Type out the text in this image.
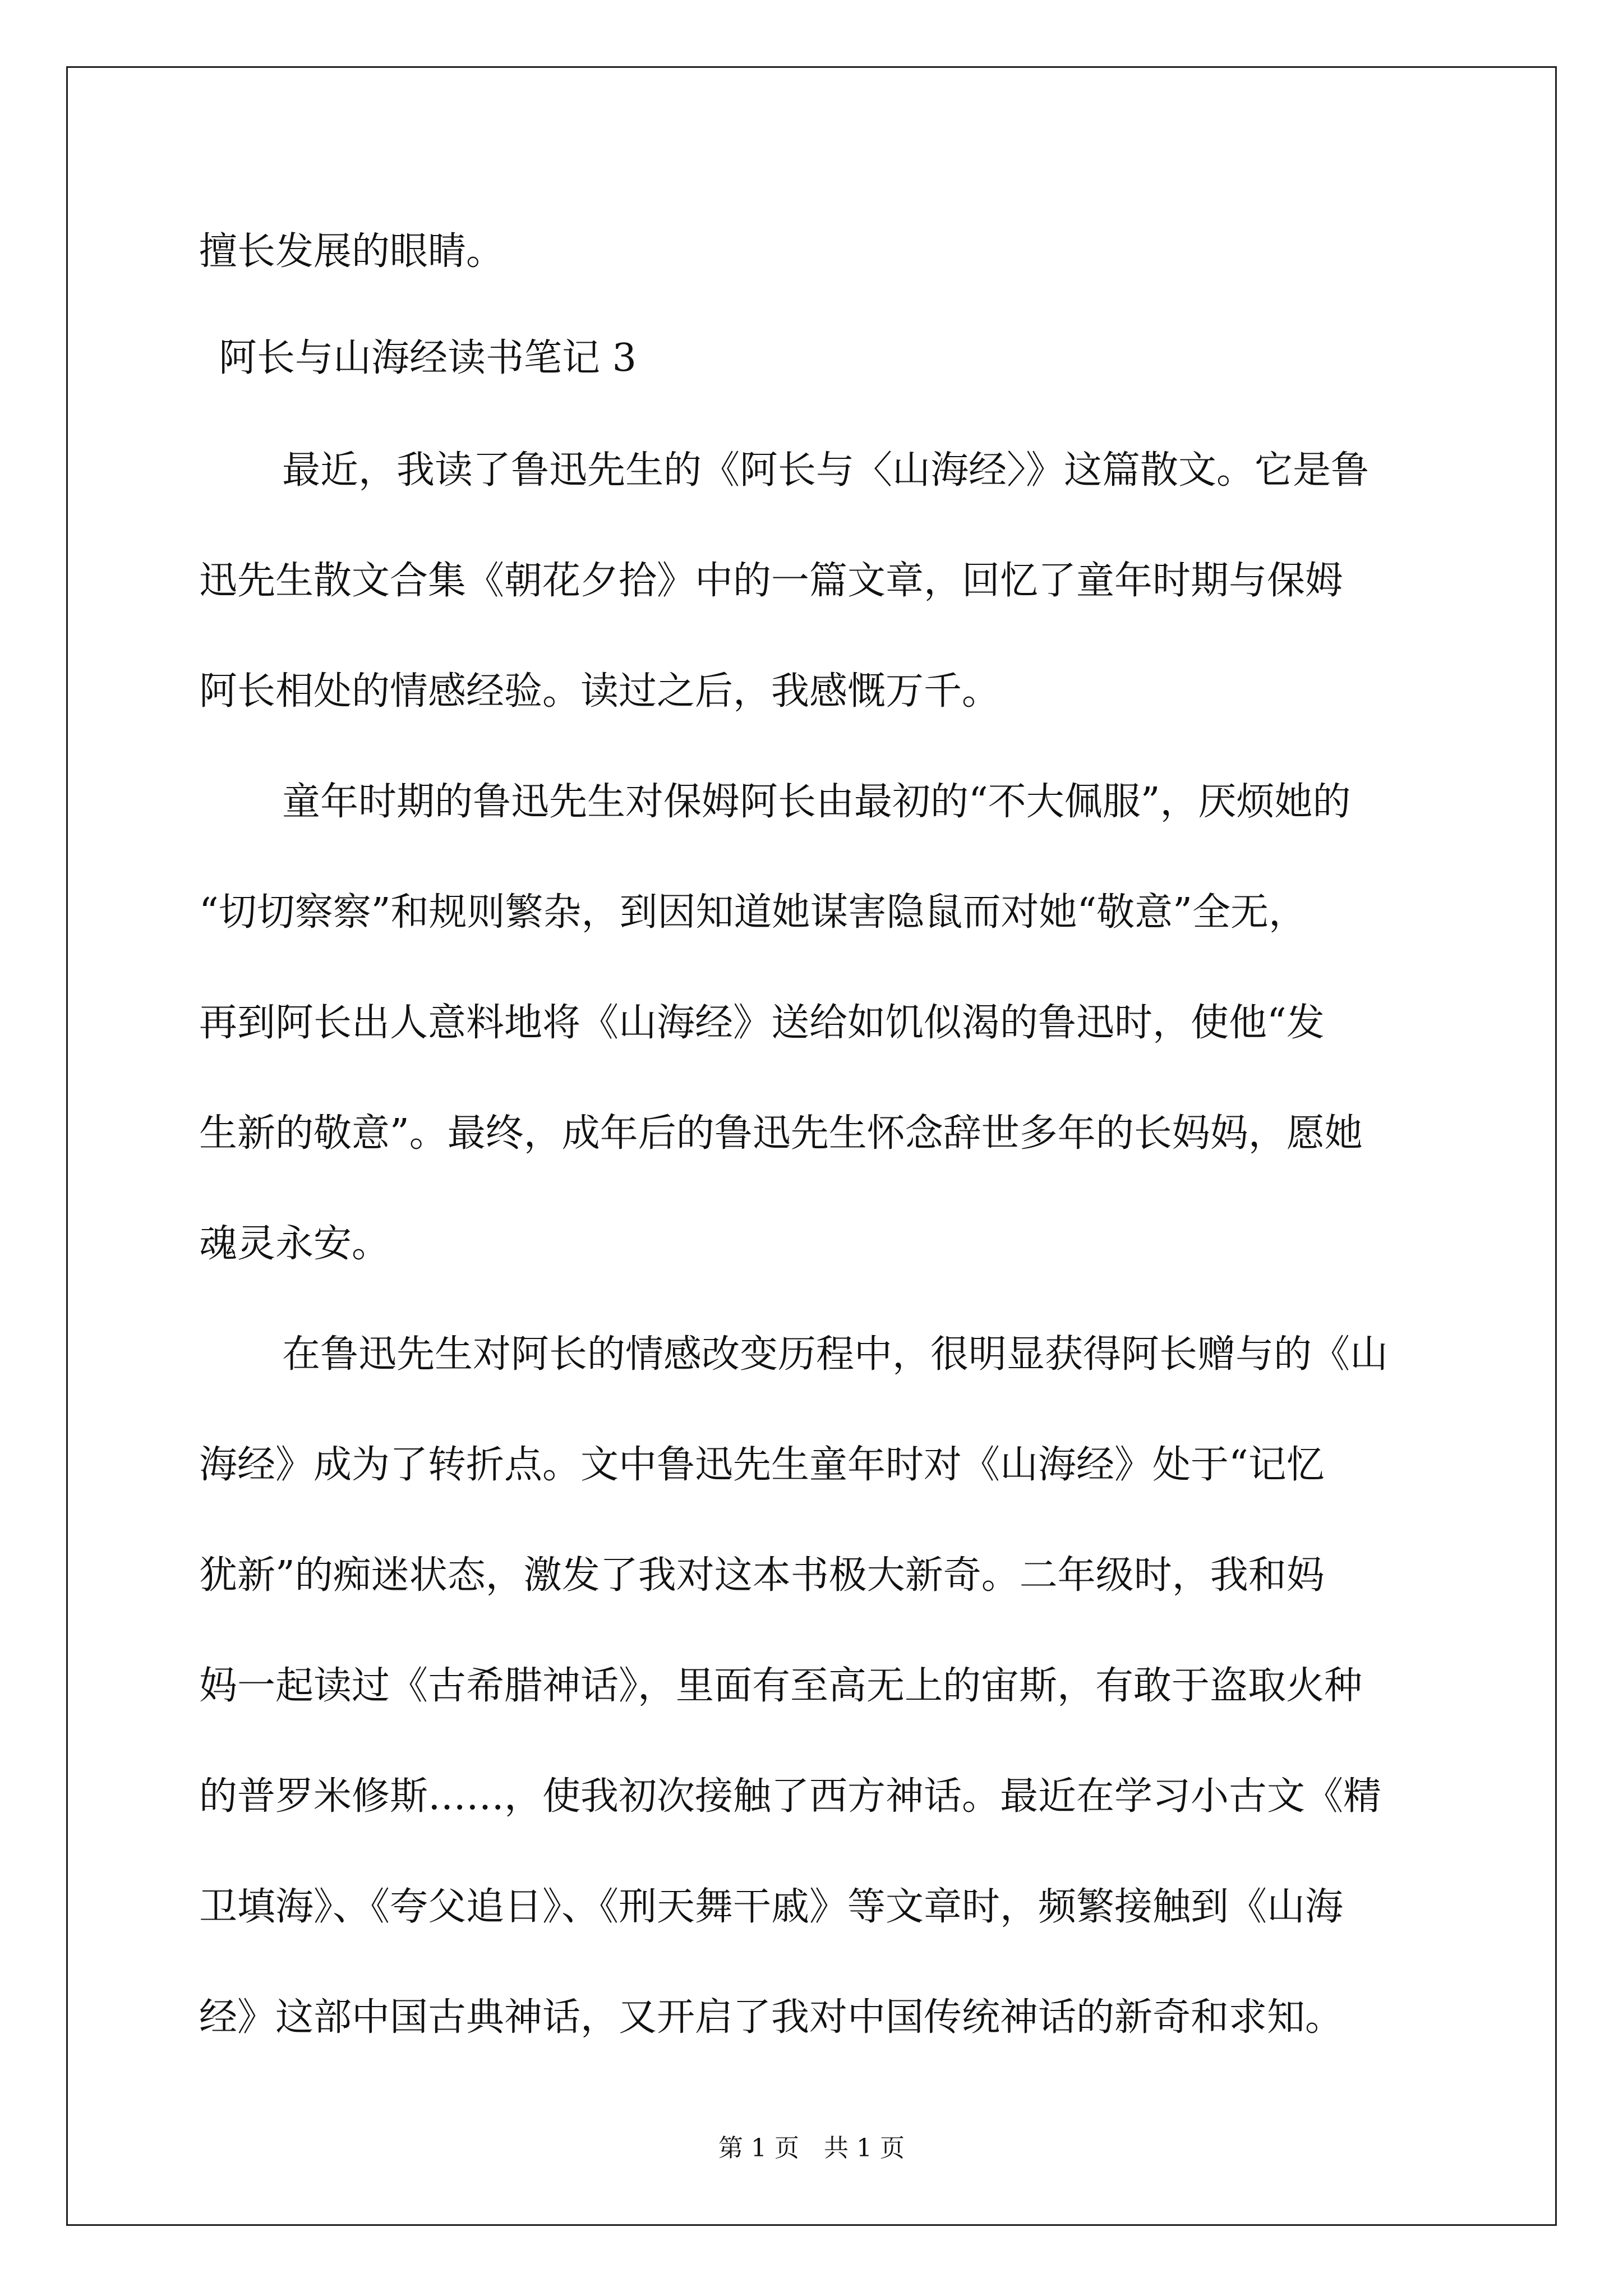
阿长与山海经读书笔记 3
擅长发展的眼睛。
最近，我读了鲁迅先生的《阿长与〈山海经〉》这篇散文。它是鲁
迅先生散文合集《朝花夕拾》中的一篇文章，回忆了童年时期与保姆
阿长相处的情感经验。读过之后，我感慨万千。
童年时期的鲁迅先生对保姆阿长由最初的“不大佩服”，厌烦她的
“切切察察”和规则繁杂，到因知道她谋害隐鼠而对她“敬意”全无，
再到阿长出人意料地将《山海经》送给如饥似渴的鲁迅时，使他“发
生新的敬意”。最终，成年后的鲁迅先生怀念辞世多年的长妈妈，愿她
魂灵永安。
在鲁迅先生对阿长的情感改变历程中，很明显获得阿长赠与的《山
海经》成为了转折点。文中鲁迅先生童年时对《山海经》处于“记忆
犹新”的痴迷状态，激发了我对这本书极大新奇。二年级时，我和妈
妈一起读过《古希腊神话》，里面有至高无上的宙斯，有敢于盗取火种
的普罗米修斯……，使我初次接触了西方神话。最近在学习小古文《精
卫填海》、《夸父追日》、《刑天舞干戚》等文章时，频繁接触到《山海
经》这部中国古典神话，又开启了我对中国传统神话的新奇和求知。
第 1 页　共 1 页
